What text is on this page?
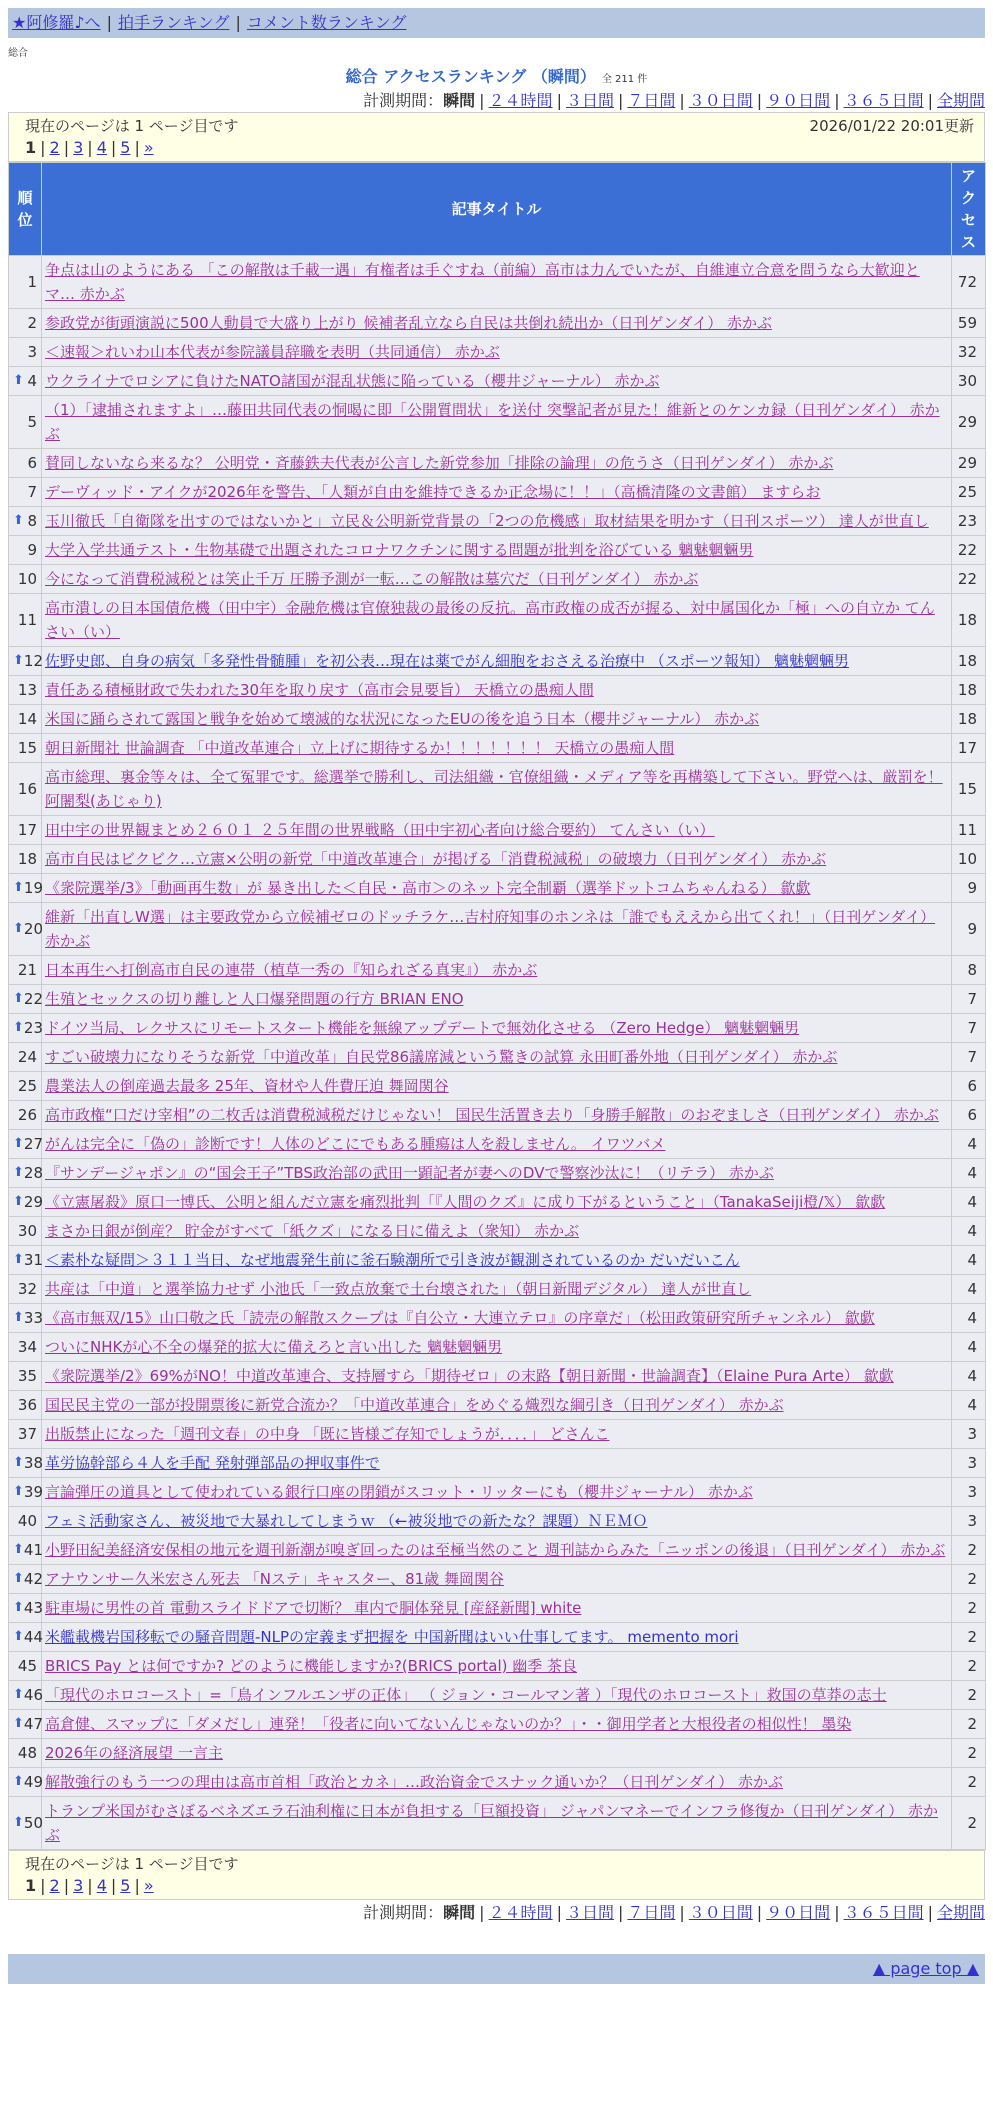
★阿修羅♪へ | 拍手ランキング | コメント数ランキング
総合
総合 アクセスランキング （瞬間） 全 211 件
計測期間：瞬間 | ２４時間 | ３日間 | ７日間 | ３０日間 | ９０日間 | ３６５日間 | 全期間
現在のページは 1 ページ目です	2026/01/22 20:01更新
1 | 2 | 3 | 4 | 5 | »
順位	記事タイトル	アクセス
1	争点は山のようにある 「この解散は千載一遇」有権者は手ぐすね（前編）高市は力んでいたが、自維連立合意を問うなら大歓迎とマ… 赤かぶ	72
2	参政党が街頭演説に500人動員で大盛り上がり 候補者乱立なら自民は共倒れ続出か（日刊ゲンダイ） 赤かぶ	59
3	＜速報＞れいわ山本代表が参院議員辞職を表明（共同通信） 赤かぶ	32

⬆ 4	ウクライナでロシアに負けたNATO諸国が混乱状態に陥っている（櫻井ジャーナル） 赤かぶ	30
5	（1）「逮捕されますよ」…藤田共同代表の恫喝に即「公開質問状」を送付 突撃記者が見た！維新とのケンカ録（日刊ゲンダイ） 赤かぶ	29
6	賛同しないなら来るな？ 公明党・斉藤鉄夫代表が公言した新党参加「排除の論理」の危うさ（日刊ゲンダイ） 赤かぶ	29
7	デーヴィッド・アイクが2026年を警告、「人類が自由を維持できるか正念場に！！」（高橋清隆の文書館） ますらお	25

⬆ 8	玉川徹氏「自衛隊を出すのではないかと」立民＆公明新党背景の「2つの危機感」取材結果を明かす（日刊スポーツ） 達人が世直し	23
9	大学入学共通テスト・生物基礎で出題されたコロナワクチンに関する問題が批判を浴びている 魑魅魍魎男	22
10	今になって消費税減税とは笑止千万 圧勝予測が一転…この解散は墓穴だ（日刊ゲンダイ） 赤かぶ	22
11	高市潰しの日本国債危機（田中宇）金融危機は官僚独裁の最後の反抗。高市政権の成否が握る、対中属国化か「極」への自立か てんさい（い）	18

⬆ 12	佐野史郎、自身の病気「多発性骨髄腫」を初公表…現在は薬でがん細胞をおさえる治療中 （スポーツ報知） 魑魅魍魎男	18
13	責任ある積極財政で失われた30年を取り戻す（高市会見要旨） 天橋立の愚痴人間	18
14	米国に踊らされて露国と戦争を始めて壊滅的な状況になったEUの後を追う日本（櫻井ジャーナル） 赤かぶ	18
15	朝日新聞社 世論調査 「中道改革連合」立上げに期待するか！！！！！！！ 天橋立の愚痴人間	17
16	高市総理、裏金等々は、全て冤罪です。総選挙で勝利し、司法組織・官僚組織・メディア等を再構築して下さい。野党へは、厳罰を！ 阿闍梨(あじゃり)	15
17	田中宇の世界観まとめ２６０１ ２５年間の世界戦略（田中宇初心者向け総合要約） てんさい（い）	11
18	高市自民はビクビク…立憲×公明の新党「中道改革連合」が掲げる「消費税減税」の破壊力（日刊ゲンダイ） 赤かぶ	10

⬆ 19	《衆院選挙/3》「動画再生数」が 暴き出した＜自民・高市＞のネット完全制覇（選挙ドットコムちゃんねる） 歙歔	9

⬆ 20	維新「出直しW選」は主要政党から立候補ゼロのドッチラケ…吉村府知事のホンネは「誰でもええから出てくれ！」（日刊ゲンダイ） 赤かぶ	9
21	日本再生へ打倒高市自民の連帯（植草一秀の『知られざる真実』） 赤かぶ	8

⬆ 22	生殖とセックスの切り離しと人口爆発問題の行方 BRIAN ENO	7

⬆ 23	ドイツ当局、レクサスにリモートスタート機能を無線アップデートで無効化させる （Zero Hedge） 魑魅魍魎男	7
24	すごい破壊力になりそうな新党「中道改革」自民党86議席減という驚きの試算 永田町番外地（日刊ゲンダイ） 赤かぶ	7
25	農業法人の倒産過去最多 25年、資材や人件費圧迫 舞岡関谷	6
26	高市政権“口だけ宰相”の二枚舌は消費税減税だけじゃない！ 国民生活置き去り「身勝手解散」のおぞましさ（日刊ゲンダイ） 赤かぶ	6

⬆ 27	がんは完全に「偽の」診断です！人体のどこにでもある腫瘍は人を殺しません。 イワツバメ	4

⬆ 28	『サンデージャポン』の“国会王子”TBS政治部の武田一顕記者が妻へのDVで警察沙汰に！（リテラ） 赤かぶ	4

⬆ 29	《立憲屠殺》原口一博氏、公明と組んだ立憲を痛烈批判「『人間のクズ』に成り下がるということ」（TanakaSeiji橙/𝕏） 歙歔	4
30	まさか日銀が倒産？ 貯金がすべて「紙クズ」になる日に備えよ（衆知） 赤かぶ	4

⬆ 31	＜素朴な疑問＞３１１当日、なぜ地震発生前に釜石験潮所で引き波が観測されているのか だいだいこん	4
32	共産は「中道」と選挙協力せず 小池氏「一致点放棄で土台壊された」（朝日新聞デジタル） 達人が世直し	4

⬆ 33	《高市無双/15》山口敬之氏「読売の解散スクープは『自公立・大連立テロ』の序章だ」（松田政策研究所チャンネル） 歙歔	4
34	ついにNHKが心不全の爆発的拡大に備えろと言い出した 魑魅魍魎男	4
35	《衆院選挙/2》69%がNO！中道改革連合、支持層すら「期待ゼロ」の末路【朝日新聞・世論調査】（Elaine Pura Arte） 歙歔	4
36	国民民主党の一部が投開票後に新党合流か？「中道改革連合」をめぐる熾烈な綱引き（日刊ゲンダイ） 赤かぶ	4
37	出版禁止になった「週刊文春」の中身 「既に皆様ご存知でしょうが．．．．」 どさんこ	3

⬆ 38	革労協幹部ら４人を手配 発射弾部品の押収事件で	3

⬆ 39	言論弾圧の道具として使われている銀行口座の閉鎖がスコット・リッターにも（櫻井ジャーナル） 赤かぶ	3
40	フェミ活動家さん、被災地で大暴れしてしまうｗ （←被災地での新たな？課題）ＮＥＭＯ	3

⬆ 41	小野田紀美経済安保相の地元を週刊新潮が嗅ぎ回ったのは至極当然のこと 週刊誌からみた「ニッポンの後退」（日刊ゲンダイ） 赤かぶ	2

⬆ 42	アナウンサー久米宏さん死去 「Nステ」キャスター、81歳 舞岡関谷	2

⬆ 43	駐車場に男性の首 電動スライドドアで切断？ 車内で胴体発見 [産経新聞] white	2

⬆ 44	米艦載機岩国移転での騒音問題-NLPの定義まず把握を 中国新聞はいい仕事してます。 memento mori	2
45	BRICS Pay とは何ですか? どのように機能しますか?(BRICS portal) 幽季 茶良	2

⬆ 46	「現代のホロコースト」=「鳥インフルエンザの正体」 （ ジョン・コールマン著 ）「現代のホロコースト」救国の草莽の志士	2

⬆ 47	高倉健、スマップに「ダメだし」連発！「役者に向いてないんじゃないのか？」・・御用学者と大根役者の相似性！ 墨染	2
48	2026年の経済展望 一言主	2

⬆ 49	解散強行のもう一つの理由は高市首相「政治とカネ」…政治資金でスナック通いか？（日刊ゲンダイ） 赤かぶ	2

⬆ 50	トランプ米国がむさぼるベネズエラ石油利権に日本が負担する「巨額投資」 ジャパンマネーでインフラ修復か（日刊ゲンダイ） 赤かぶ	2
現在のページは 1 ページ目です
1 | 2 | 3 | 4 | 5 | »
計測期間：瞬間 | ２４時間 | ３日間 | ７日間 | ３０日間 | ９０日間 | ３６５日間 | 全期間
▲ page top ▲
